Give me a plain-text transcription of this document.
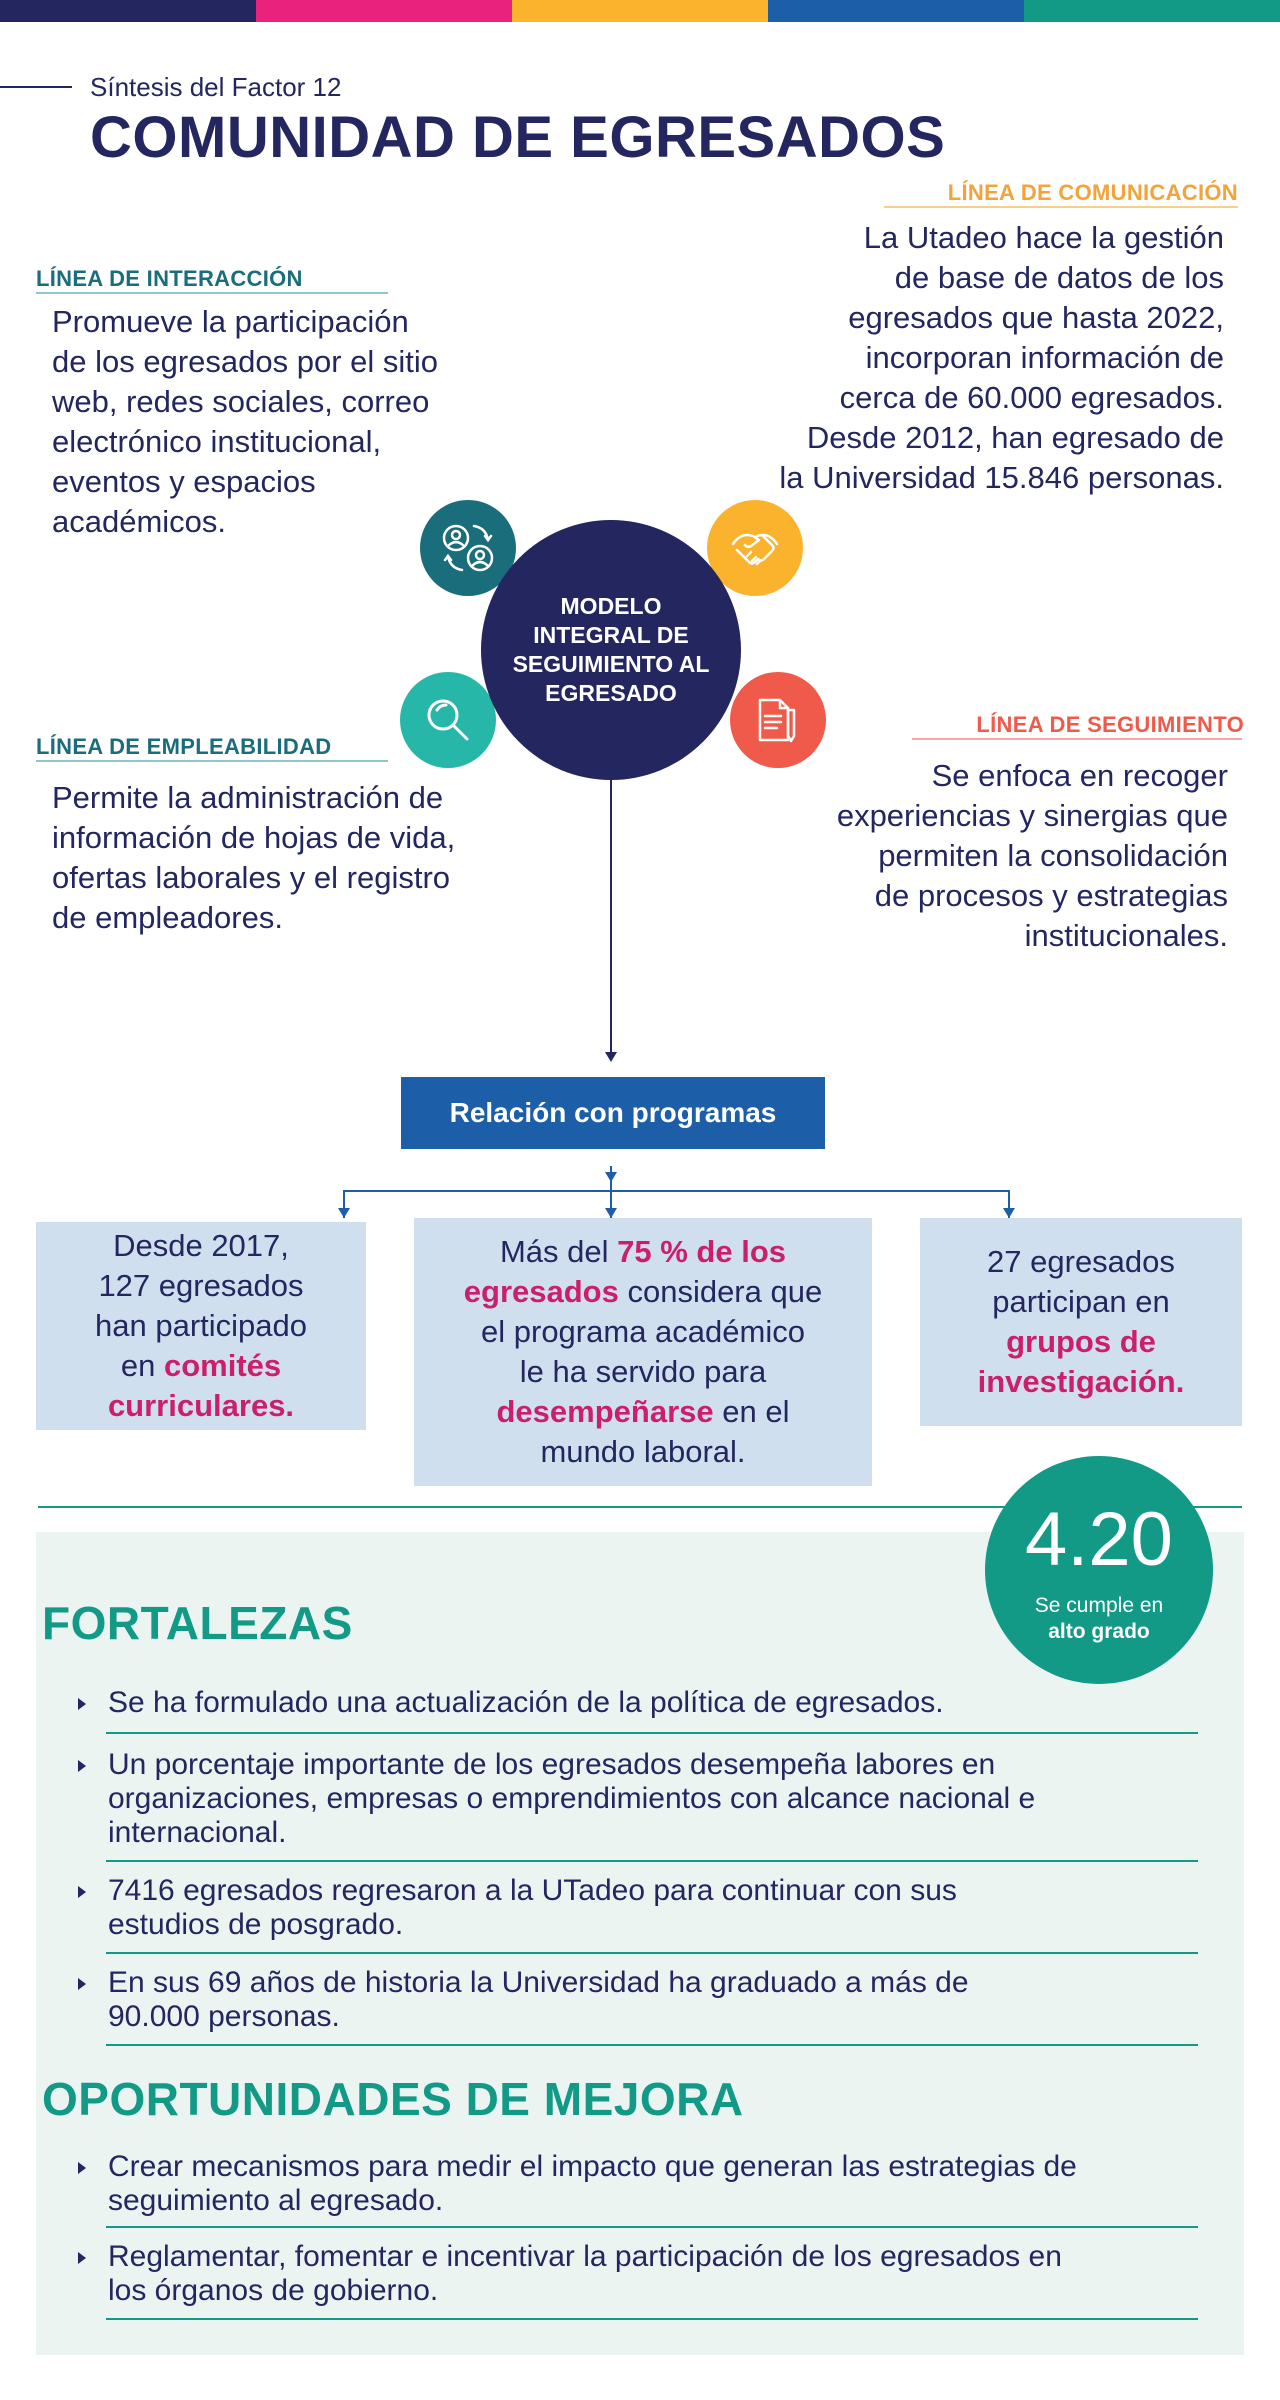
Síntesis del Factor 12
COMUNIDAD DE EGRESADOS
LÍNEA DE INTERACCIÓN
Promueve la participación
de los egresados por el sitio
web, redes sociales, correo
electrónico institucional,
eventos y espacios
académicos.
LÍNEA DE COMUNICACIÓN
La Utadeo hace la gestión
de base de datos de los
egresados que hasta 2022,
incorporan información de
cerca de 60.000 egresados.
Desde 2012, han egresado de
la Universidad 15.846 personas.
MODELO INTEGRAL DE SEGUIMIENTO AL EGRESADO
LÍNEA DE EMPLEABILIDAD
Permite la administración de
información de hojas de vida,
ofertas laborales y el registro
de empleadores.
LÍNEA DE SEGUIMIENTO
Se enfoca en recoger
experiencias y sinergias que
permiten la consolidación
de procesos y estrategias
institucionales.
Relación con programas
Desde 2017,
127 egresados
han participado
en comités
curriculares.
Más del 75 % de los
egresados considera que
el programa académico
le ha servido para
desempeñarse en el
mundo laboral.
27 egresados
participan en
grupos de
investigación.
4.20
Se cumple en
alto grado
FORTALEZAS
Se ha formulado una actualización de la política de egresados.
Un porcentaje importante de los egresados desempeña labores en
organizaciones, empresas o emprendimientos con alcance nacional e
internacional.
7416 egresados regresaron a la UTadeo para continuar con sus
estudios de posgrado.
En sus 69 años de historia la Universidad ha graduado a más de
90.000 personas.
OPORTUNIDADES DE MEJORA
Crear mecanismos para medir el impacto que generan las estrategias de
seguimiento al egresado.
Reglamentar, fomentar e incentivar la participación de los egresados en
los órganos de gobierno.
